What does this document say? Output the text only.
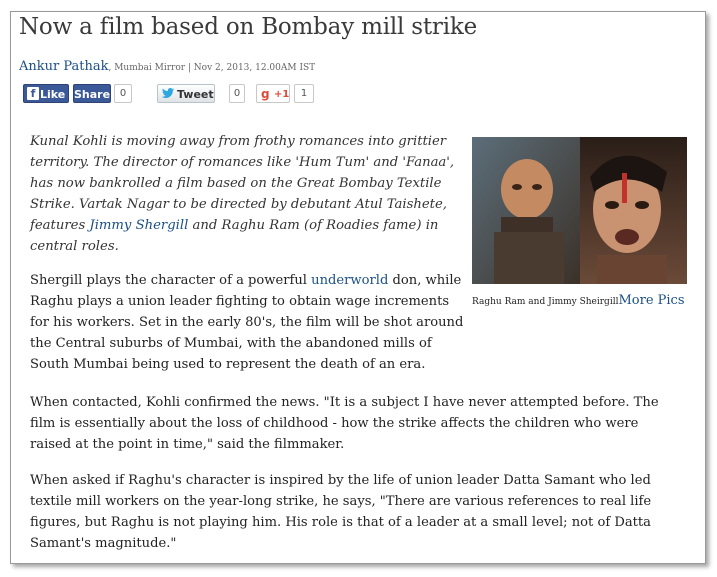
Now a film based on Bombay mill strike
Ankur Pathak, Mumbai Mirror | Nov 2, 2013, 12.00AM IST
f Like Share 0	Tweet	0	g +1	1
Kunal Kohli is moving away from frothy romances into grittier territory. The director of romances like 'Hum Tum' and 'Fanaa', has now bankrolled a film based on the Great Bombay Textile Strike. Vartak Nagar to be directed by debutant Atul Taishete, features Jimmy Shergill and Raghu Ram (of Roadies fame) in central roles.
Raghu Ram and Jimmy SheirgillMore Pics
Shergill plays the character of a powerful underworld don, while Raghu plays a union leader fighting to obtain wage increments for his workers. Set in the early 80's, the film will be shot around the Central suburbs of Mumbai, with the abandoned mills of South Mumbai being used to represent the death of an era.
When contacted, Kohli confirmed the news. "It is a subject I have never attempted before. The film is essentially about the loss of childhood - how the strike affects the children who were raised at the point in time," said the filmmaker.
When asked if Raghu's character is inspired by the life of union leader Datta Samant who led textile mill workers on the year-long strike, he says, "There are various references to real life figures, but Raghu is not playing him. His role is that of a leader at a small level; not of Datta Samant's magnitude."
